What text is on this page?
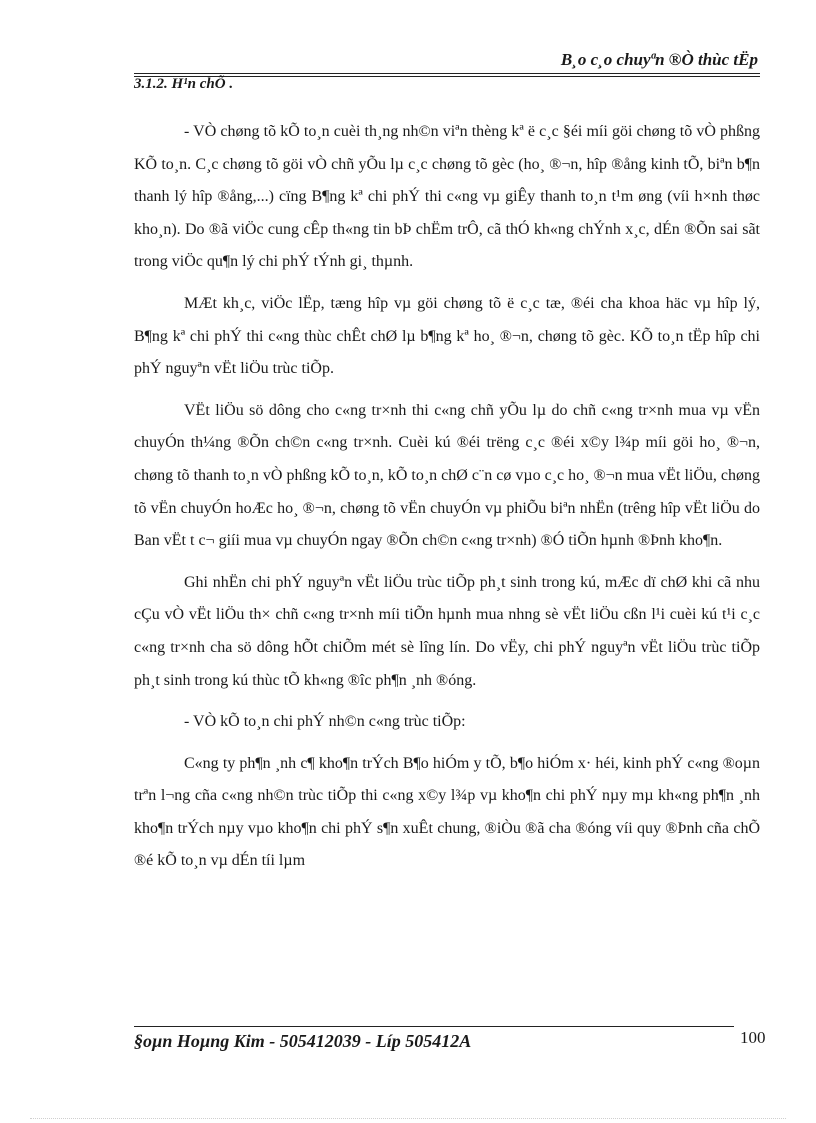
B¸o c¸o chuyªn ®Ò thùc tËp
3.1.2. H¹n chÕ .

- VÒ chøng tõ kÕ to¸n cuèi th¸ng nh©n viªn thèng kª ë c¸c §éi míi göi chøng tõ vÒ phßng KÕ to¸n. C¸c chøng tõ göi vÒ chñ yÕu lµ c¸c chøng tõ gèc (ho¸ ®¬n, hîp ®ång kinh tÕ, biªn b¶n thanh lý hîp ®ång,...) cïng B¶ng kª chi phÝ thi c«ng vµ giÊy thanh to¸n t¹m øng (víi h×nh thøc kho¸n). Do ®ã viÖc cung cÊp th«ng tin bÞ chËm trÔ, cã thÓ kh«ng chÝnh x¸c, dÉn ®Õn sai sãt trong viÖc qu¶n lý chi phÝ tÝnh gi¸ thµnh.

MÆt kh¸c, viÖc lËp, tæng hîp vµ göi chøng tõ ë c¸c tæ, ®éi cha khoa häc vµ hîp lý, B¶ng kª chi phÝ thi c«ng thùc chÊt chØ lµ b¶ng kª ho¸ ®¬n, chøng tõ gèc. KÕ to¸n tËp hîp chi phÝ nguyªn vËt liÖu trùc tiÕp.

VËt liÖu sö dông cho c«ng tr×nh thi c«ng chñ yÕu lµ do chñ c«ng tr×nh mua vµ vËn chuyÓn th¼ng ®Õn ch©n c«ng tr×nh. Cuèi kú ®éi trëng c¸c ®éi x©y l¾p míi göi ho¸ ®¬n, chøng tõ thanh to¸n vÒ phßng kÕ to¸n, kÕ to¸n chØ c¨n cø vµo c¸c ho¸ ®¬n mua vËt liÖu, chøng tõ vËn chuyÓn hoÆc ho¸ ®¬n, chøng tõ vËn chuyÓn vµ phiÕu biªn nhËn (trêng hîp vËt liÖu do Ban vËt t c¬ giíi mua vµ chuyÓn ngay ®Õn ch©n c«ng tr×nh) ®Ó tiÕn hµnh ®Þnh kho¶n.

Ghi nhËn chi phÝ nguyªn vËt liÖu trùc tiÕp ph¸t sinh trong kú, mÆc dï chØ khi cã nhu cÇu vÒ vËt liÖu th× chñ c«ng tr×nh míi tiÕn hµnh mua nhng sè vËt liÖu cßn l¹i cuèi kú t¹i c¸c c«ng tr×nh cha sö dông hÕt chiÕm mét sè lîng lín. Do vËy, chi phÝ nguyªn vËt liÖu trùc tiÕp ph¸t sinh trong kú thùc tÕ kh«ng ®îc ph¶n ¸nh ®óng.

- VÒ kÕ to¸n chi phÝ nh©n c«ng trùc tiÕp:

C«ng ty ph¶n ¸nh c¶ kho¶n trÝch B¶o hiÓm y tÕ, b¶o hiÓm x· héi, kinh phÝ c«ng ®oµn trªn l¬ng cña c«ng nh©n trùc tiÕp thi c«ng x©y l¾p vµ kho¶n chi phÝ nµy mµ kh«ng ph¶n ¸nh kho¶n trÝch nµy vµo kho¶n chi phÝ s¶n xuÊt chung, ®iÒu ®ã cha ®óng víi quy ®Þnh cña chÕ ®é kÕ to¸n vµ dÉn tíi lµm

§oµn Hoµng Kim - 505412039 - Líp 505412A	100
